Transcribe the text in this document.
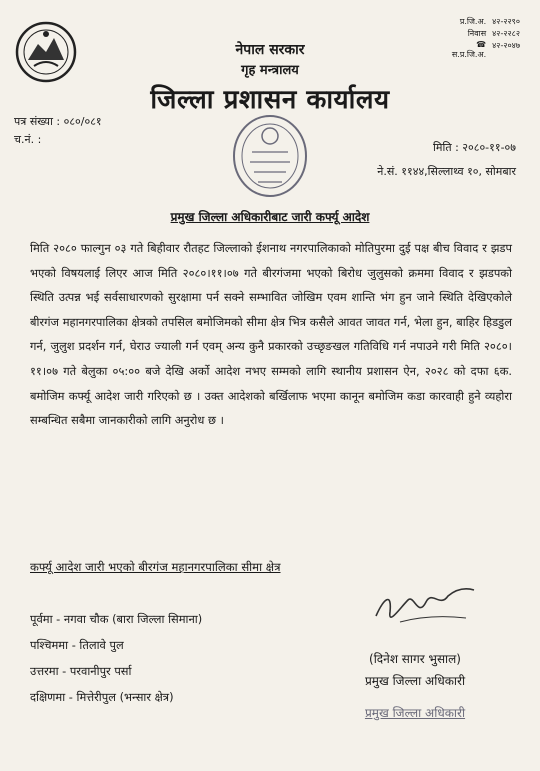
नेपाल सरकार
गृह मन्त्रालय
जिल्ला प्रशासन कार्यालय
प्र.जि.अ. ४२-२२९०
निवास ४२-२२८२
☎ स.प्र.जि.अ.
४२-२०४७
पत्र संख्या : ०८०/०८१
च.नं. :
मिति : २०८०-११-०७
ने.सं. ११४४,सिल्लाथ्व १०, सोमबार
प्रमुख जिल्ला अधिकारीबाट जारी कर्फ्यू आदेश
मिति २०८० फाल्गुन ०३ गते बिहीवार रौतहट जिल्लाको ईशनाथ नगरपालिकाको मोतिपुरमा दुई पक्ष बीच विवाद र झडप भएको विषयलाई लिएर आज मिति २०८०।११।०७ गते बीरगंजमा भएको बिरोध जुलुसको क्रममा विवाद र झडपको स्थिति उत्पन्न भई सर्वसाधारणको सुरक्षामा पर्न सक्ने सम्भावित जोखिम एवम शान्ति भंग हुन जाने स्थिति देखिएकोले बीरगंज महानगरपालिका क्षेत्रको तपसिल बमोजिमको सीमा क्षेत्र भित्र कसैले आवत जावत गर्न, भेला हुन, बाहिर हिडडुल गर्न, जुलुश प्रदर्शन गर्न, घेराउ ज्याली गर्न एवम् अन्य कुनै प्रकारको उच्छृङखल गतिविधि गर्न नपाउने गरी मिति २०८०।११।०७ गते बेलुका ०५:०० बजे देखि अर्को आदेश नभए सम्मको लागि स्थानीय प्रशासन ऐन, २०२८ को दफा ६क. बमोजिम कर्फ्यू आदेश जारी गरिएको छ । उक्त आदेशको बर्खिलाफ भएमा कानून बमोजिम कडा कारवाही हुने व्यहोरा सम्बन्धित सबैमा जानकारीको लागि अनुरोध छ ।
कर्फ्यू आदेश जारी भएको बीरगंज महानगरपालिका सीमा क्षेत्र
पूर्वमा - नगवा चौक (बारा जिल्ला सिमाना)
पश्चिममा - तिलावे पुल
उत्तरमा - परवानीपुर पर्सा
दक्षिणमा - मित्तेरीपुल (भन्सार क्षेत्र)
(दिनेश सागर भुसाल)
प्रमुख जिल्ला अधिकारी
प्रमुख जिल्ला अधिकारी
